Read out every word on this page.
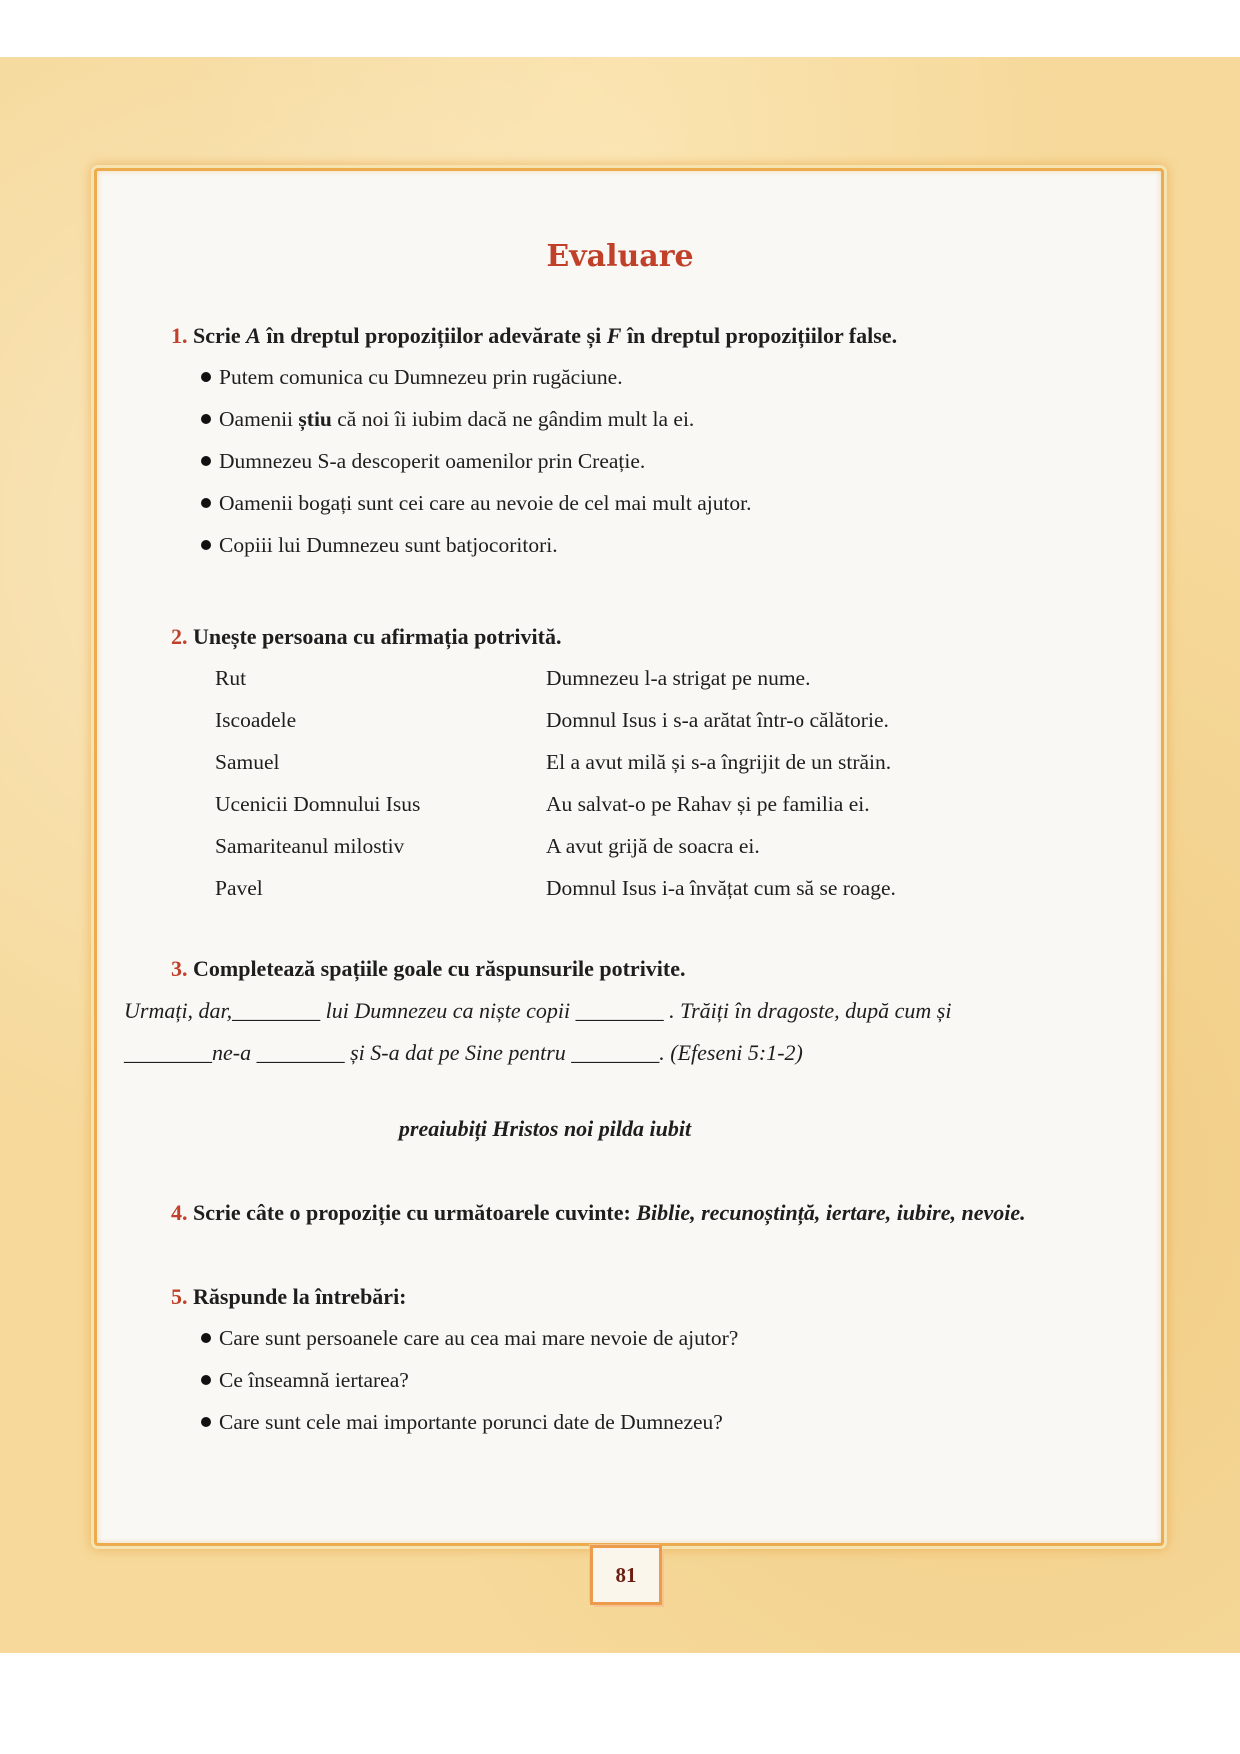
Evaluare

1. Scrie A în dreptul propozițiilor adevărate și F în dreptul propozițiilor false.

Putem comunica cu Dumnezeu prin rugăciune.

Oamenii știu că noi îi iubim dacă ne gândim mult la ei.

Dumnezeu S-a descoperit oamenilor prin Creație.

Oamenii bogați sunt cei care au nevoie de cel mai mult ajutor.

Copiii lui Dumnezeu sunt batjocoritori.

2. Unește persoana cu afirmația potrivită.

Rut
Iscoadele
Samuel
Ucenicii Domnului Isus
Samariteanul milostiv
Pavel
Dumnezeu l-a strigat pe nume.
Domnul Isus i s-a arătat într-o călătorie.
El a avut milă și s-a îngrijit de un străin.
Au salvat-o pe Rahav și pe familia ei.
A avut grijă de soacra ei.
Domnul Isus i-a învățat cum să se roage.

3. Completează spațiile goale cu răspunsurile potrivite.

Urmați, dar,________ lui Dumnezeu ca niște copii ________ . Trăiți în dragoste, după cum și
________ne-a ________ și S-a dat pe Sine pentru ________. (Efeseni 5:1-2)
preaiubiți Hristos noi pilda iubit

4. Scrie câte o propoziție cu următoarele cuvinte: Biblie, recunoștință, iertare, iubire, nevoie.

5. Răspunde la întrebări:

Care sunt persoanele care au cea mai mare nevoie de ajutor?

Ce înseamnă iertarea?

Care sunt cele mai importante porunci date de Dumnezeu?

81
